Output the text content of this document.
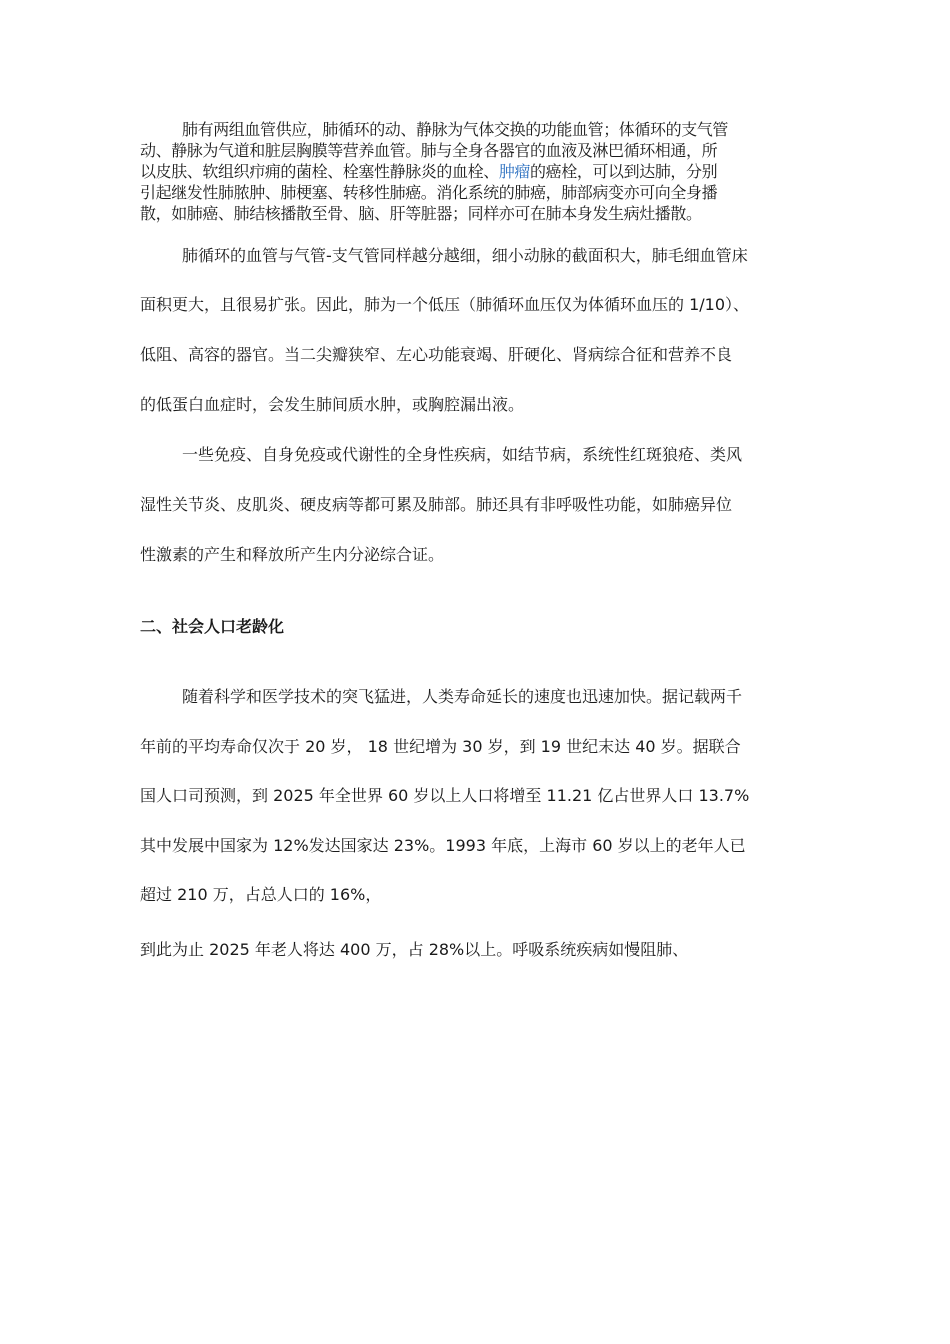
肺有两组血管供应，肺循环的动、静脉为气体交换的功能血管；体循环的支气管
动、静脉为气道和脏层胸膜等营养血管。肺与全身各器官的血液及淋巴循环相通，所
以皮肤、软组织疖痈的菌栓、栓塞性静脉炎的血栓、肿瘤的癌栓，可以到达肺，分别
引起继发性肺脓肿、肺梗塞、转移性肺癌。消化系统的肺癌，肺部病变亦可向全身播
散，如肺癌、肺结核播散至骨、脑、肝等脏器；同样亦可在肺本身发生病灶播散。
肺循环的血管与气管-支气管同样越分越细，细小动脉的截面积大，肺毛细血管床
面积更大，且很易扩张。因此，肺为一个低压（肺循环血压仅为体循环血压的 1/10）、
低阻、高容的器官。当二尖瓣狭窄、左心功能衰竭、肝硬化、肾病综合征和营养不良
的低蛋白血症时，会发生肺间质水肿，或胸腔漏出液。
一些免疫、自身免疫或代谢性的全身性疾病，如结节病，系统性红斑狼疮、类风
湿性关节炎、皮肌炎、硬皮病等都可累及肺部。肺还具有非呼吸性功能，如肺癌异位
性激素的产生和释放所产生内分泌综合证。
二、社会人口老龄化
随着科学和医学技术的突飞猛进，人类寿命延长的速度也迅速加快。据记载两千
年前的平均寿命仅次于 20 岁， 18 世纪增为 30 岁，到 19 世纪末达 40 岁。据联合
国人口司预测，到 2025 年全世界 60 岁以上人口将增至 11.21 亿占世界人口 13.7%
其中发展中国家为 12%发达国家达 23%。1993 年底，上海市 60 岁以上的老年人已
超过 210 万，占总人口的 16%，
到此为止 2025 年老人将达 400 万，占 28%以上。呼吸系统疾病如慢阻肺、
